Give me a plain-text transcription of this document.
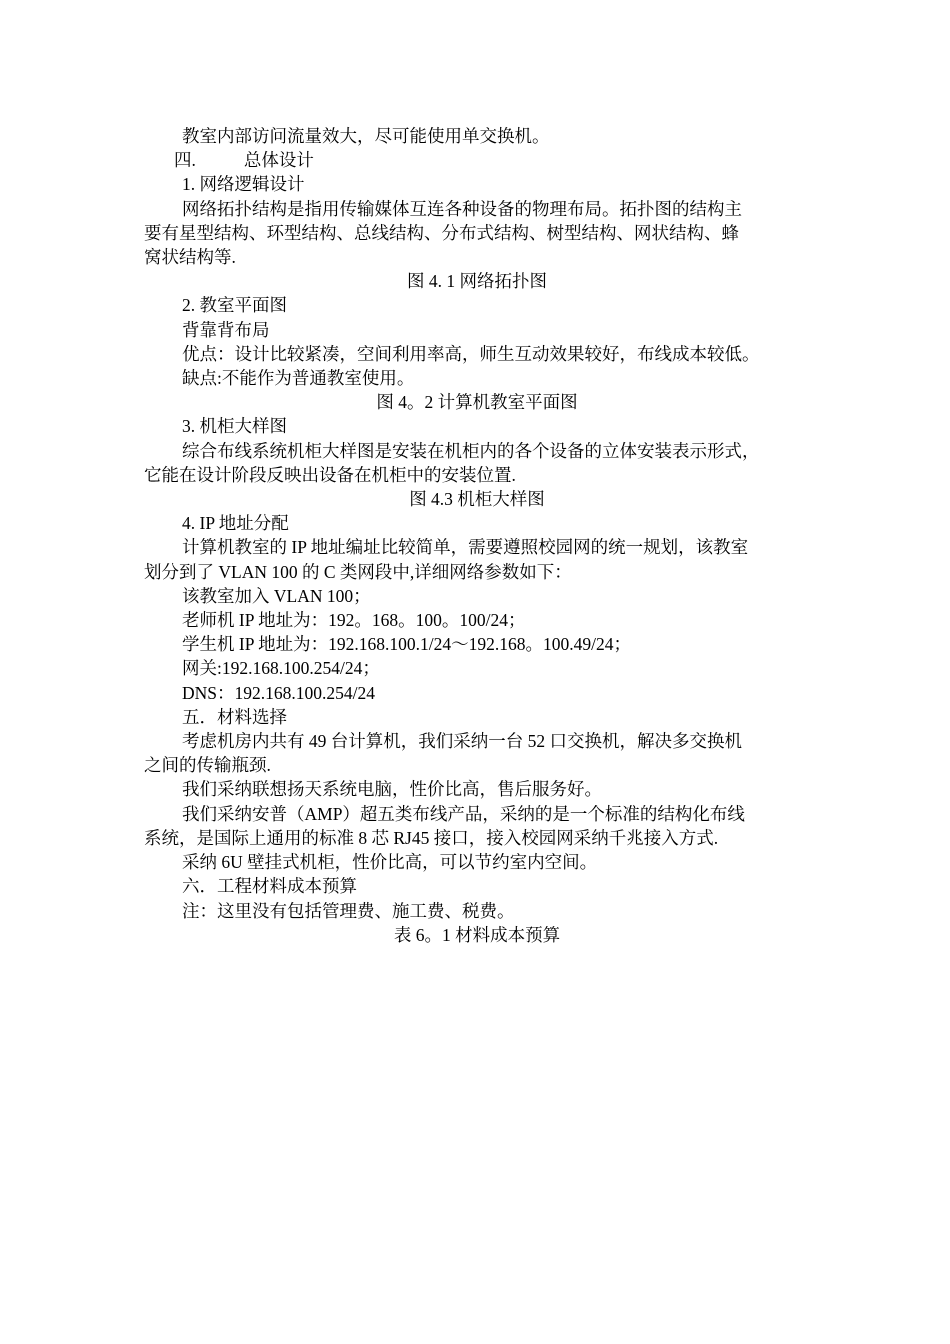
教室内部访问流量效大，尽可能使用单交换机。

四.	总体设计

1. 网络逻辑设计

网络拓扑结构是指用传输媒体互连各种设备的物理布局。拓扑图的结构主
要有星型结构、环型结构、总线结构、分布式结构、树型结构、网状结构、蜂
窝状结构等.

图 4. 1 网络拓扑图

2. 教室平面图

背靠背布局

优点：设计比较紧凑，空间利用率高，师生互动效果较好，布线成本较低。

缺点:不能作为普通教室使用。

图 4。2 计算机教室平面图

3. 机柜大样图

综合布线系统机柜大样图是安装在机柜内的各个设备的立体安装表示形式，
它能在设计阶段反映出设备在机柜中的安装位置.

图 4.3 机柜大样图

4. IP 地址分配

计算机教室的 IP 地址编址比较简单，需要遵照校园网的统一规划，该教室
划分到了 VLAN 100 的 C 类网段中,详细网络参数如下：

该教室加入 VLAN 100；

老师机 IP 地址为：192。168。100。100/24；

学生机 IP 地址为：192.168.100.1/24～192.168。100.49/24；

网关:192.168.100.254/24；

DNS：192.168.100.254/24

五．材料选择

考虑机房内共有 49 台计算机，我们采纳一台 52 口交换机，解决多交换机
之间的传输瓶颈.

我们采纳联想扬天系统电脑，性价比高，售后服务好。

我们采纳安普（AMP）超五类布线产品，采纳的是一个标准的结构化布线
系统，是国际上通用的标准 8 芯 RJ45 接口，接入校园网采纳千兆接入方式.

采纳 6U 壁挂式机柜，性价比高，可以节约室内空间。

六．工程材料成本预算

注：这里没有包括管理费、施工费、税费。

表 6。1 材料成本预算
